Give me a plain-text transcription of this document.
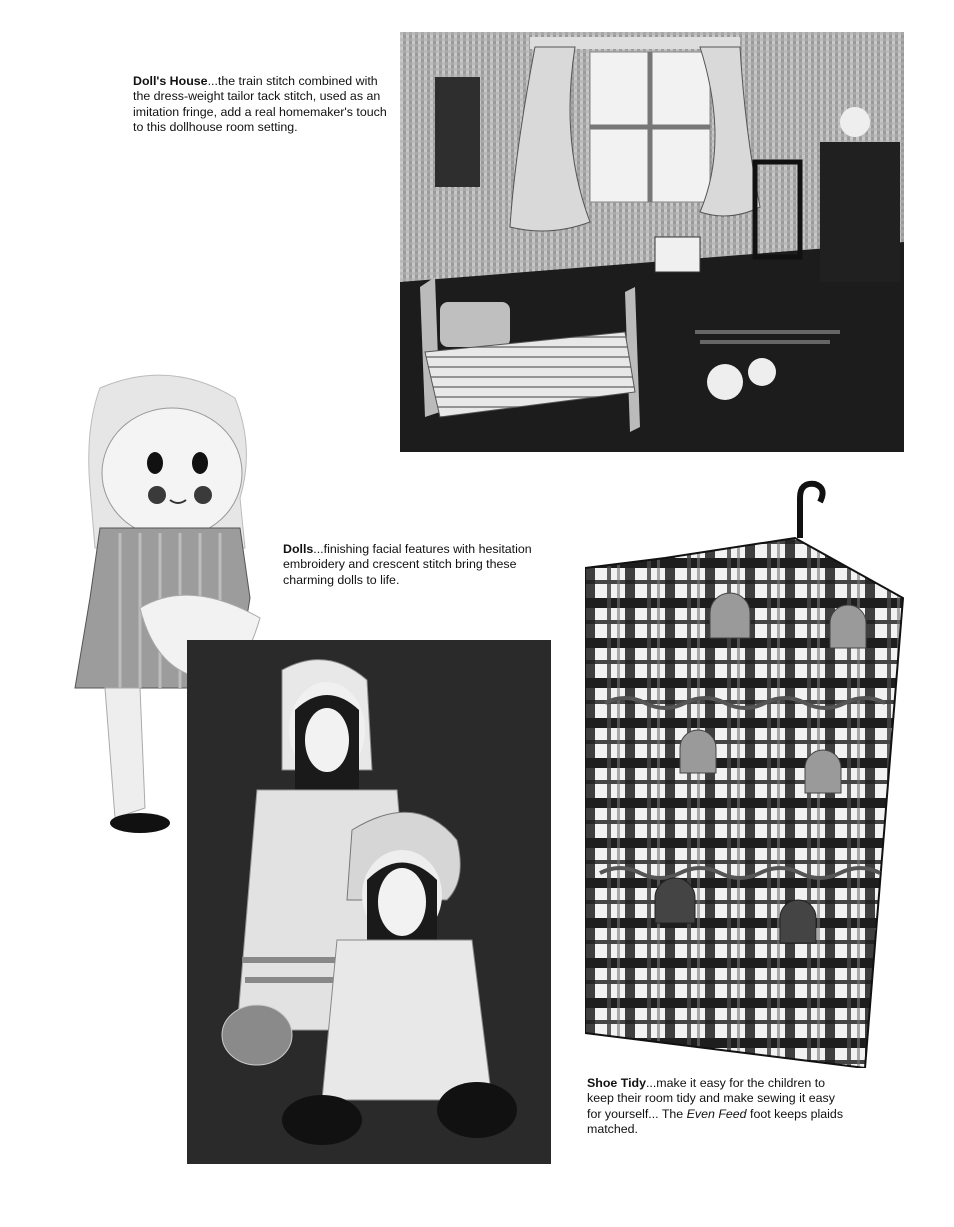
Doll's House...the train stitch combined with the dress-weight tailor tack stitch, used as an imitation fringe, add a real homemaker's touch to this dollhouse room setting.

Dolls...finishing facial features with hesitation embroidery and crescent stitch bring these charming dolls to life.

Shoe Tidy...make it easy for the children to keep their room tidy and make sewing it easy for yourself... The Even Feed foot keeps plaids matched.
